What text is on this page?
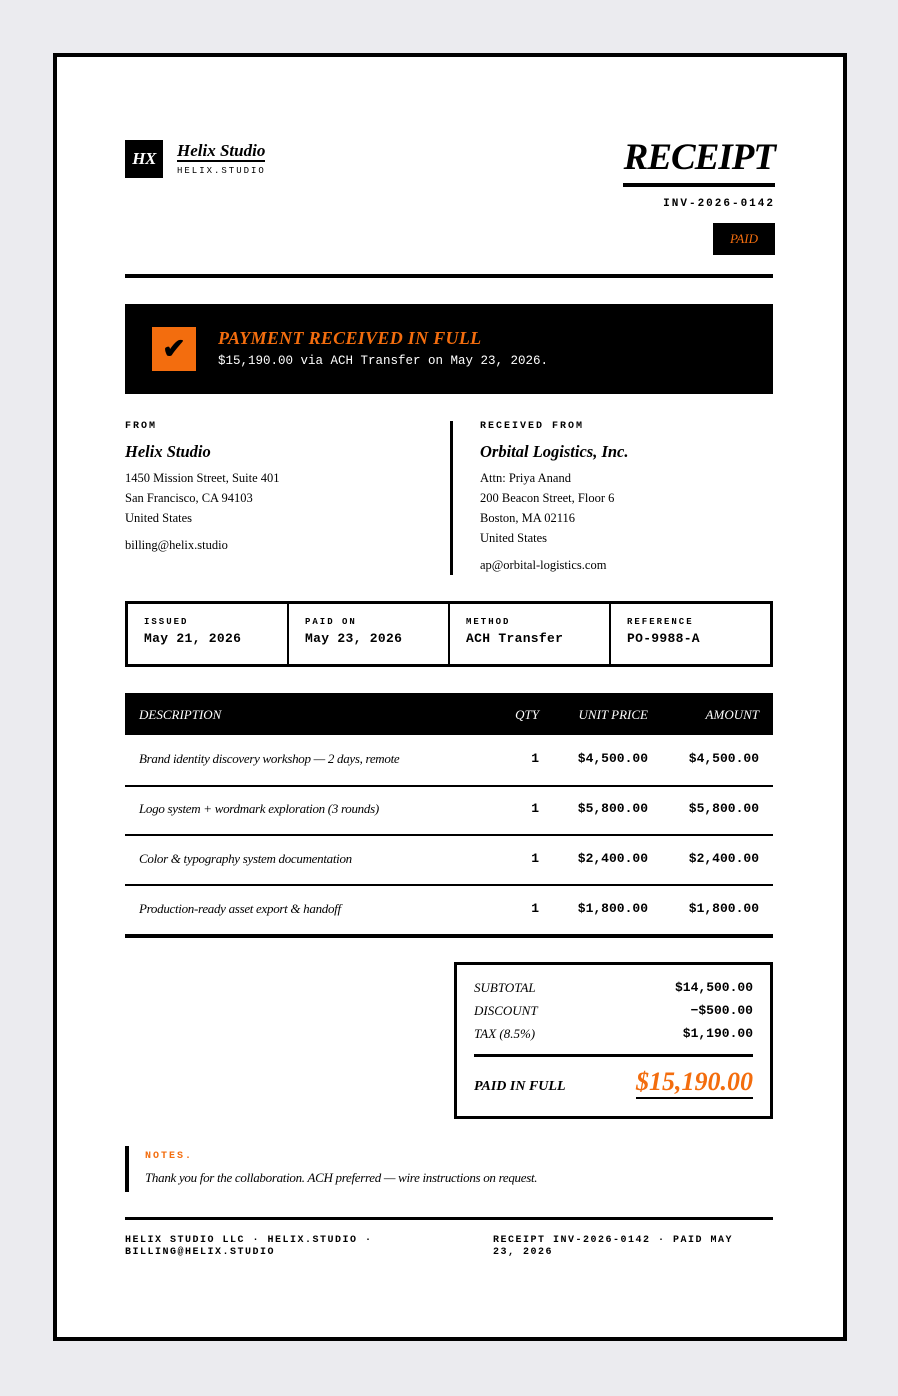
HX	Helix Studio
HELIX.STUDIO	RECEIPT
INV-2026-0142
PAID
✔	PAYMENT RECEIVED IN FULL
$15,190.00 via ACH Transfer on May 23, 2026.
FROM
Helix Studio
1450 Mission Street, Suite 401
San Francisco, CA 94103
United States
billing@helix.studio
RECEIVED FROM
Orbital Logistics, Inc.
Attn: Priya Anand
200 Beacon Street, Floor 6
Boston, MA 02116
United States
ap@orbital-logistics.com
ISSUED
May 21, 2026
PAID ON
May 23, 2026
METHOD
ACH Transfer
REFERENCE
PO-9988-A
DESCRIPTION	QTY	UNIT PRICE	AMOUNT
Brand identity discovery workshop — 2 days, remote	1	$4,500.00	$4,500.00
Logo system + wordmark exploration (3 rounds)	1	$5,800.00	$5,800.00
Color & typography system documentation	1	$2,400.00	$2,400.00
Production-ready asset export & handoff	1	$1,800.00	$1,800.00
SUBTOTAL	$14,500.00
DISCOUNT	−$500.00
TAX (8.5%)	$1,190.00
PAID IN FULL	$15,190.00
NOTES.
Thank you for the collaboration. ACH preferred — wire instructions on request.
HELIX STUDIO LLC · HELIX.STUDIO · BILLING@HELIX.STUDIO
RECEIPT INV-2026-0142 · PAID MAY 23, 2026
